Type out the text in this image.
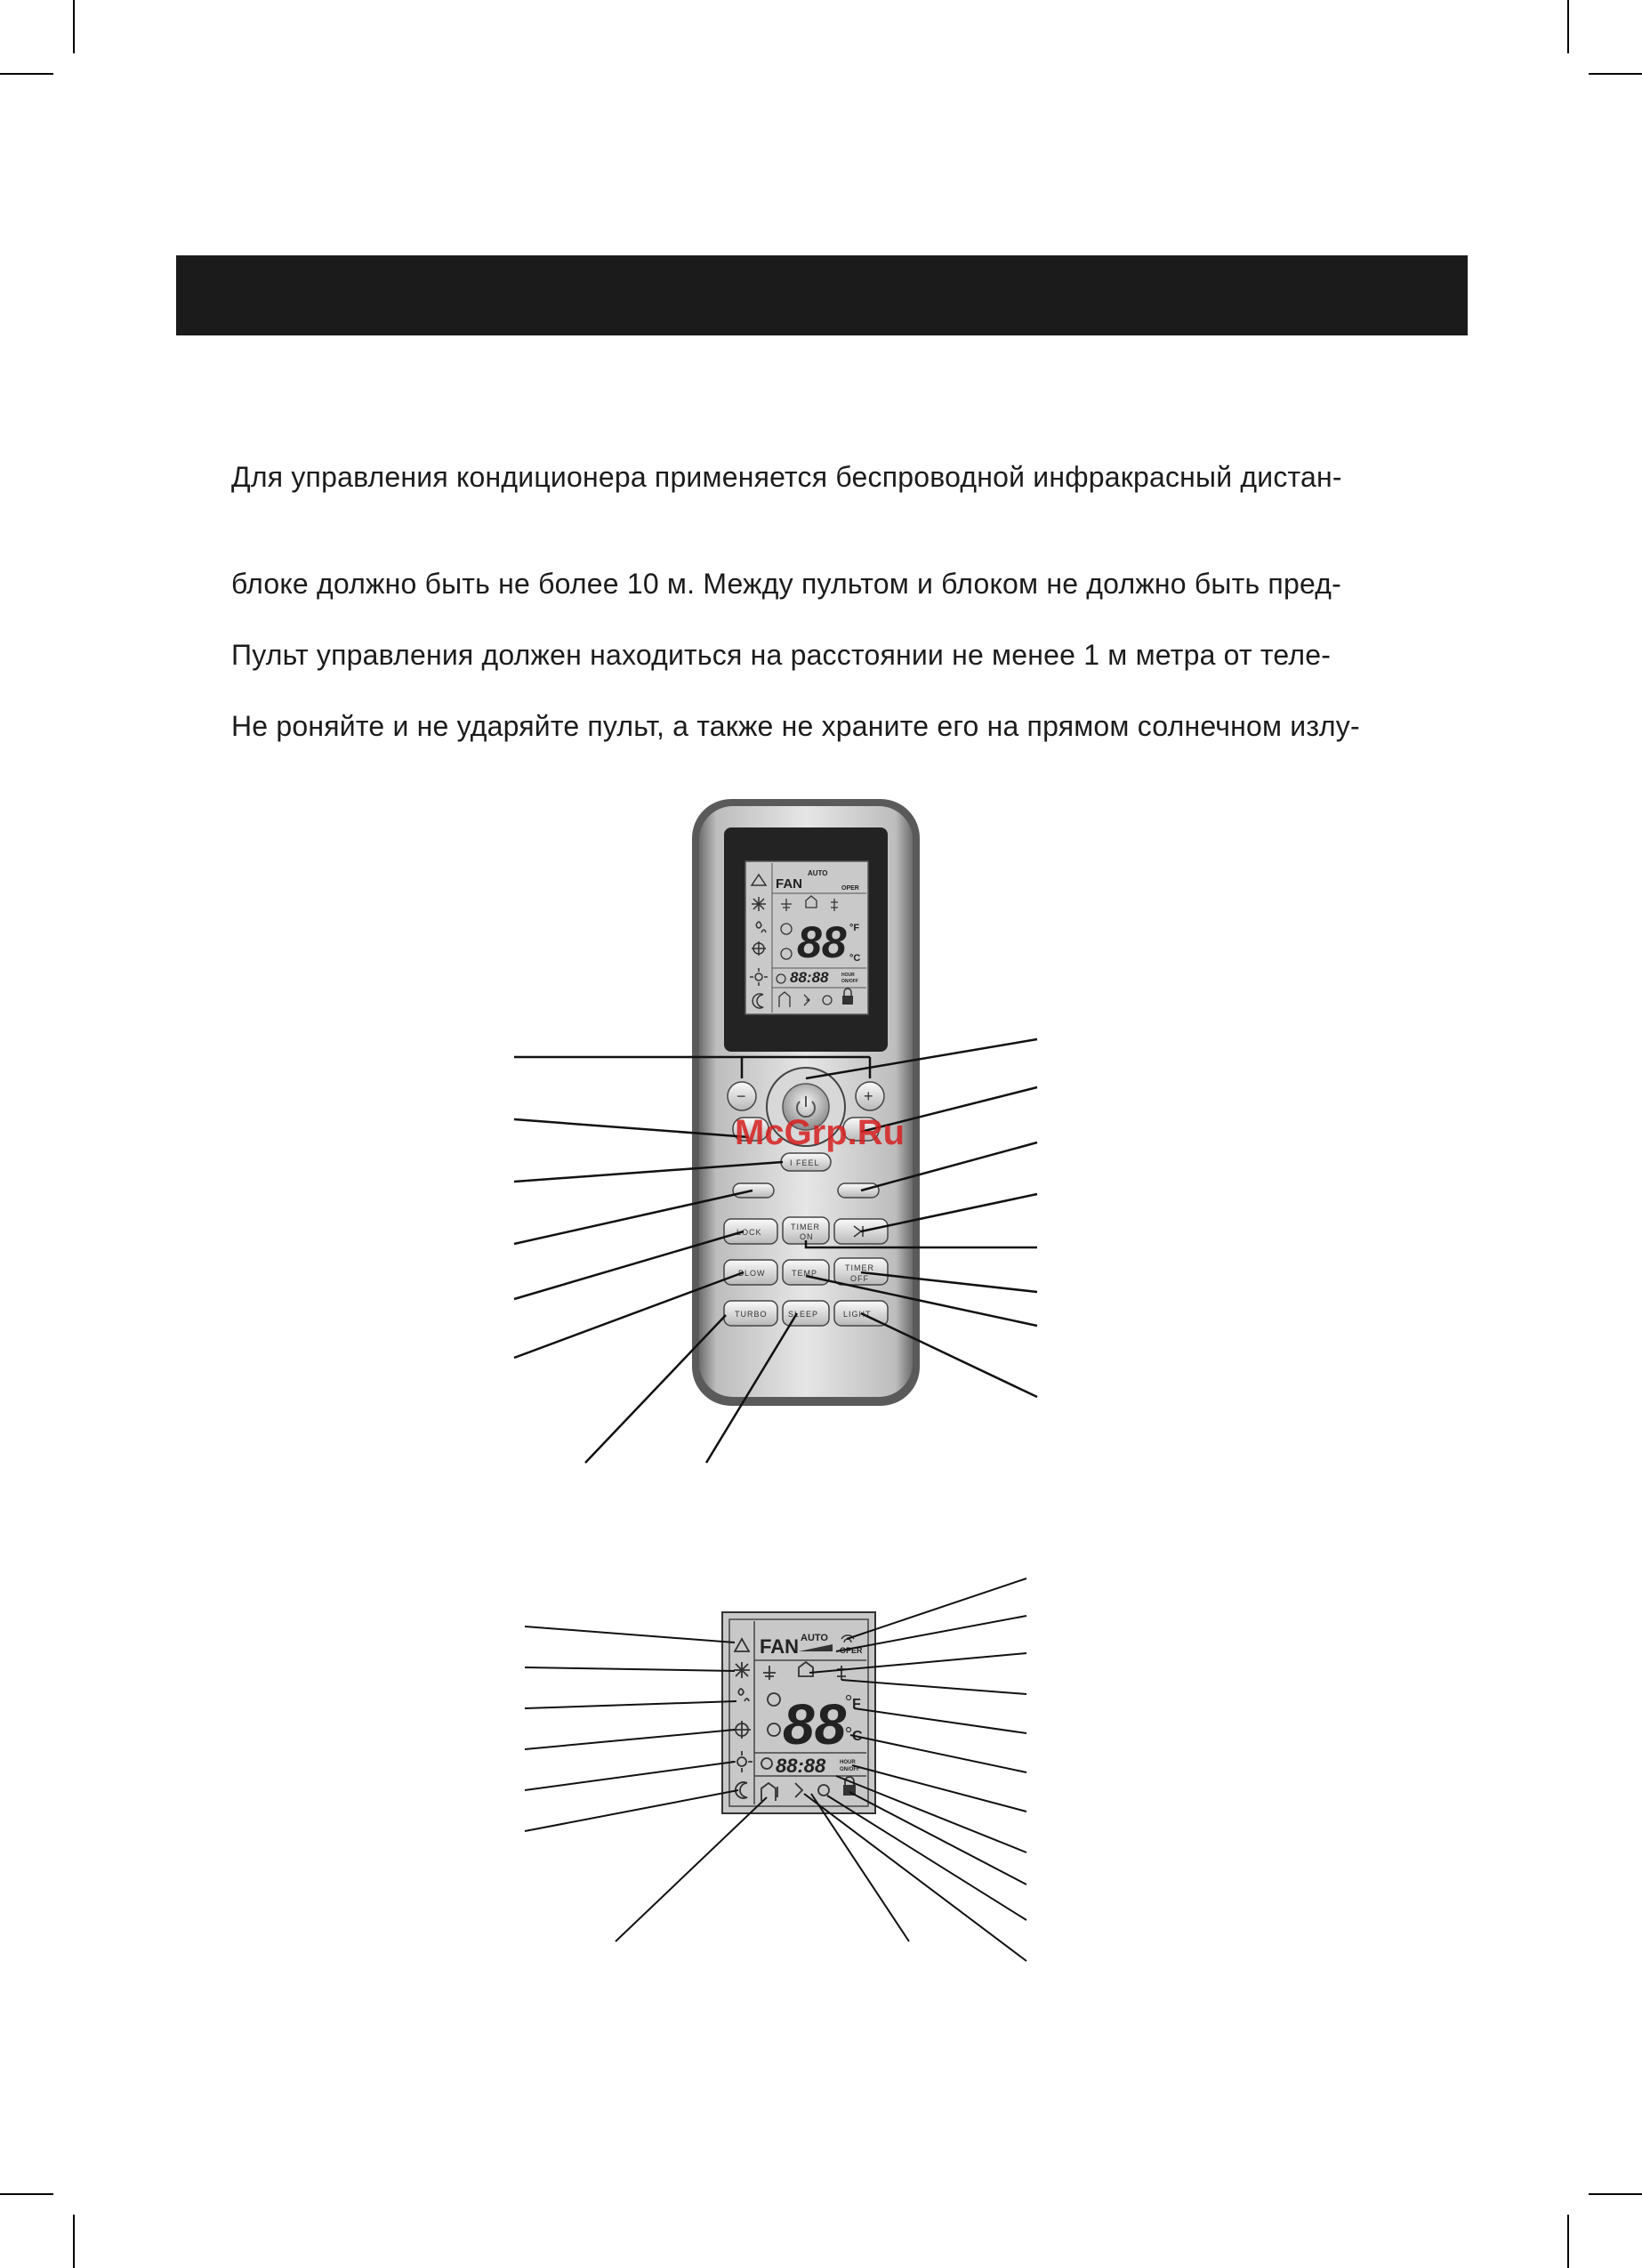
Для управления кондиционера применяется беспроводной инфракрасный дистан-
блоке должно быть не более 10 м. Между пультом и блоком не должно быть пред-
Пульт управления должен находиться на расстоянии не менее 1 м метра от теле-
Не роняйте и не ударяйте пульт, а также не храните его на прямом солнечном излу-
FAN
AUTO
OPER
88 °F
°C
88:88	HOUR
ON/OFF
−	+
I FEEL
LOCK
TIMER
ON
BLOW	TEMP
TIMER
OFF
TURBO	SLEEP	LIGHT
McGrp.Ru
FAN AUTO
OPER
88 F
C
88:88	HOUR
ON/OFF
